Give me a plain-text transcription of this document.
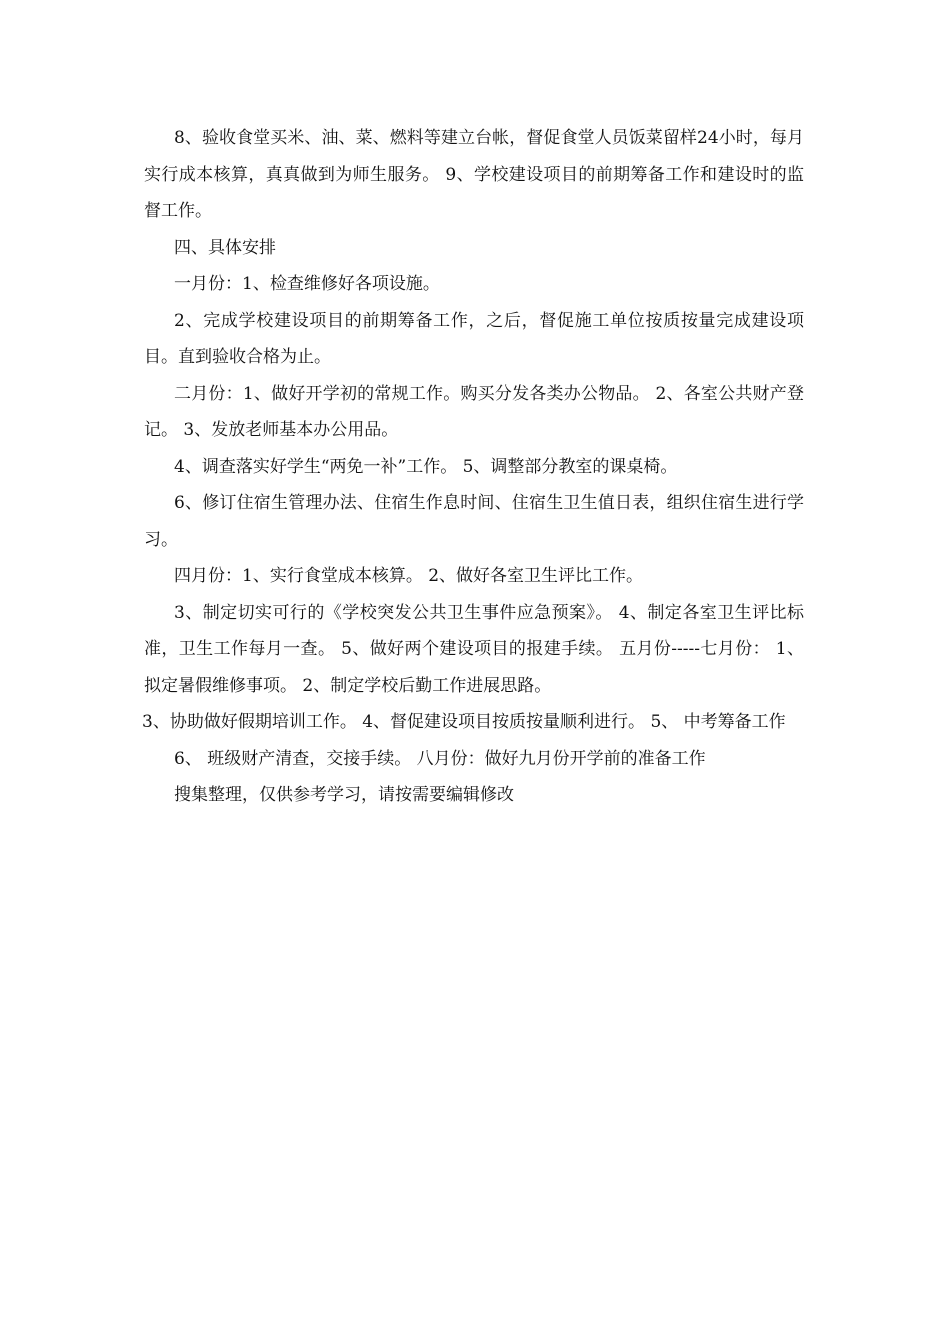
8、验收食堂买米、油、菜、燃料等建立台帐，督促食堂人员饭菜留样24小时，每月实行成本核算，真真做到为师生服务。 9、学校建设项目的前期筹备工作和建设时的监督工作。

四、具体安排

一月份：1、检查维修好各项设施。

2、完成学校建设项目的前期筹备工作，之后，督促施工单位按质按量完成建设项目。直到验收合格为止。

二月份：1、做好开学初的常规工作。购买分发各类办公物品。 2、各室公共财产登记。 3、发放老师基本办公用品。

4、调查落实好学生“两免一补”工作。 5、调整部分教室的课桌椅。

6、修订住宿生管理办法、住宿生作息时间、住宿生卫生值日表，组织住宿生进行学习。

四月份：1、实行食堂成本核算。 2、做好各室卫生评比工作。

3、制定切实可行的《学校突发公共卫生事件应急预案》。 4、制定各室卫生评比标准，卫生工作每月一查。 5、做好两个建设项目的报建手续。 五月份-----七月份： 1、 拟定暑假维修事项。 2、制定学校后勤工作进展思路。

3、协助做好假期培训工作。 4、督促建设项目按质按量顺利进行。 5、 中考筹备工作

6、 班级财产清查，交接手续。 八月份：做好九月份开学前的准备工作

搜集整理，仅供参考学习，请按需要编辑修改
